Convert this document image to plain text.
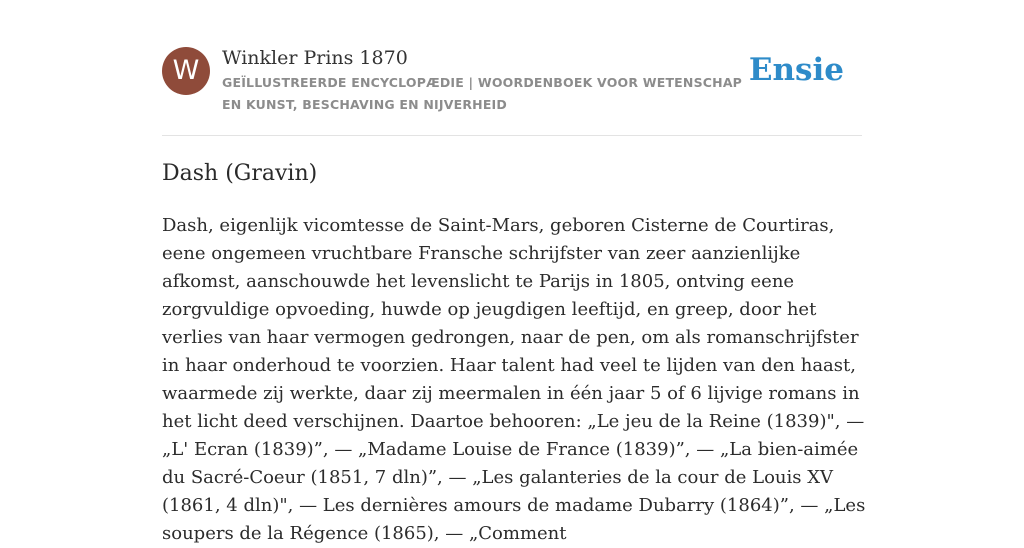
W	Winkler Prins 1870
GEÏLLUSTREERDE ENCYCLOPÆDIE | WOORDENBOEK VOOR WETENSCHAP EN KUNST, BESCHAVING EN NIJVERHEID
Ensie
Dash (Gravin)

Dash, eigenlijk vicomtesse de Saint-Mars, geboren Cisterne de Courtiras, eene ongemeen vruchtbare Fransche schrijfster van zeer aanzienlijke afkomst, aanschouwde het levenslicht te Parijs in 1805, ontving eene zorgvuldige opvoeding, huwde op jeugdigen leeftijd, en greep, door het verlies van haar vermogen gedrongen, naar de pen, om als romanschrijfster in haar onderhoud te voorzien. Haar talent had veel te lijden van den haast, waarmede zij werkte, daar zij meermalen in één jaar 5 of 6 lijvige romans in het licht deed verschijnen. Daartoe behooren: „Le jeu de la Reine (1839)", — „L' Ecran (1839)”, — „Madame Louise de France (1839)”, — „La bien-aimée du Sacré-Coeur (1851, 7 dln)”, — „Les galanteries de la cour de Louis XV (1861, 4 dln)", — Les dernières amours de madame Dubarry (1864)”, — „Les soupers de la Régence (1865), — „Comment
